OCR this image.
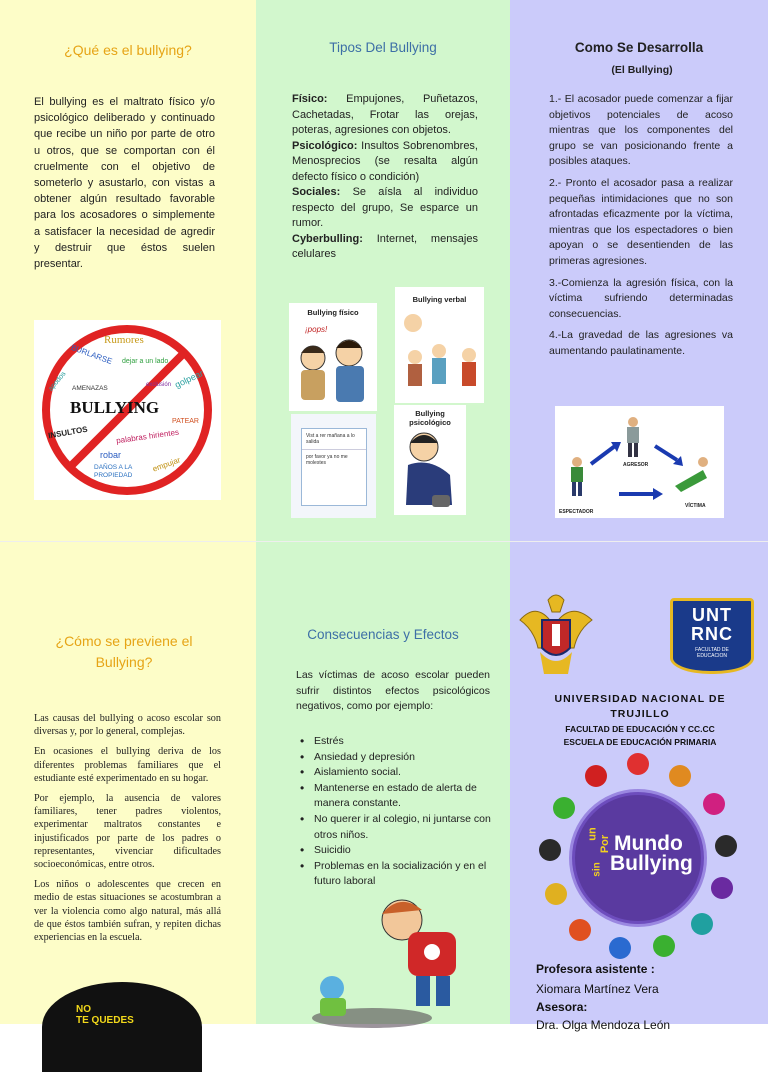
¿Qué es el bullying?
El bullying es el maltrato físico y/o psicológico deliberado y continuado que recibe un niño por parte de otro u otros, que se comportan con él cruelmente con el objetivo de someterlo y asustarlo, con vistas a obtener algún resultado favorable para los acosadores o simplemente a satisfacer la necesidad de agredir y destruir que éstos suelen presentar.
BULLYING
Rumores
BURLARSE dejar a un lado
golpear
AMENAZAS
INSULTOS	palabras hirientes
PATEAR
robar
DAÑOS A LA PROPIEDAD
empujar
apodos	exclusión
Tipos Del Bullying
Físico: Empujones, Puñetazos, Cachetadas, Frotar las orejas, poteras, agresiones con objetos.
Psicológico: Insultos Sobrenombres, Menosprecios (se resalta algún defecto físico o condición)
Sociales: Se aísla al individuo respecto del grupo, Se esparce un rumor.
Cyberbulling: Internet, mensajes celulares
Bullying físico
¡pops!
Bullying verbal
Vist a rer mañana a lo salida
por favor ya no me molestes
Bullying psicológico
Como Se Desarrolla
(El Bullying)
1.- El acosador puede comenzar a fijar objetivos potenciales de acoso mientras que los componentes del grupo se van posicionando frente a posibles ataques.
2.- Pronto el acosador pasa a realizar pequeñas intimidaciones que no son afrontadas eficazmente por la víctima, mientras que los espectadores o bien apoyan o se desentienden de las primeras agresiones.
3.-Comienza la agresión física, con la víctima sufriendo determinadas consecuencias.
4.-La gravedad de las agresiones va aumentando paulatinamente.
AGRESOR
ESPECTADOR
VÍCTIMA
¿Cómo se previene el Bullying?
Las causas del bullying o acoso escolar son diversas y, por lo general, complejas.
En ocasiones el bullying deriva de los diferentes problemas familiares que el estudiante esté experimentado en su hogar.
Por ejemplo, la ausencia de valores familiares, tener padres violentos, experimentar maltratos constantes e injustificados por parte de los padres o representantes, vivenciar dificultades socioeconómicas, entre otros.
Los niños o adolescentes que crecen en medio de estas situaciones se acostumbran a ver la violencia como algo natural, más allá de que éstos también sufran, y repiten dichas experiencias en la escuela.
NO
TE QUEDES
Consecuencias y Efectos
Las víctimas de acoso escolar pueden sufrir distintos efectos psicológicos negativos, como por ejemplo:
• Estrés
• Ansiedad y depresión
• Aislamiento social.
• Mantenerse en estado de alerta de manera constante.
• No querer ir al colegio, ni juntarse con otros niños.
• Suicidio
• Problemas en la socialización y en el futuro laboral
UNT
RNC
FACULTAD DE EDUCACION
UNIVERSIDAD NACIONAL DE TRUJILLO
FACULTAD DE EDUCACIÓN Y CC.CC
ESCUELA DE EDUCACIÓN PRIMARIA
un
Por Mundo
sin Bullying
Profesora asistente :
Xiomara Martínez Vera
Asesora:
Dra. Olga Mendoza León
